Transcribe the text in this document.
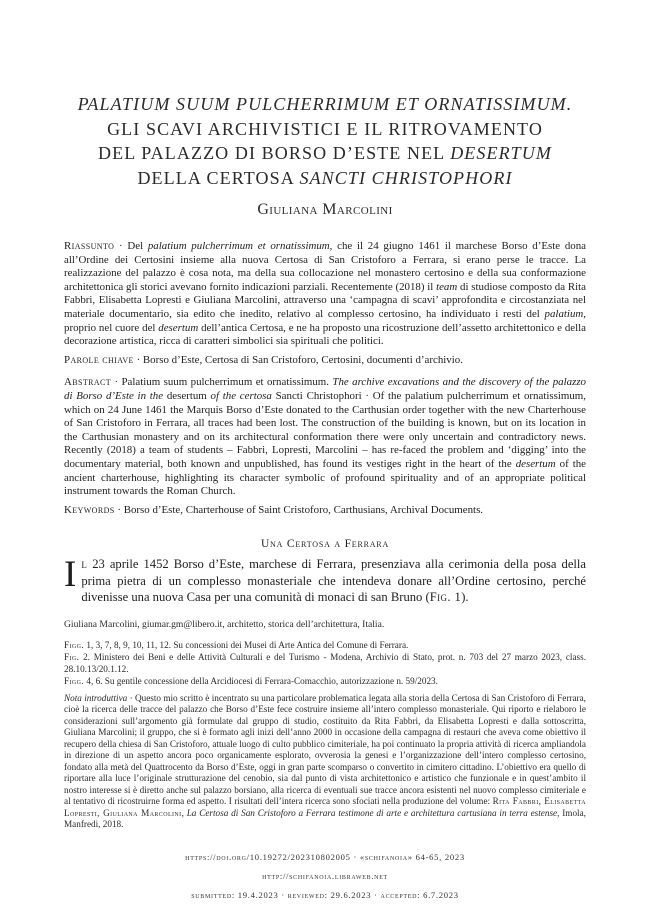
PALATIUM SUUM PULCHERRIMUM ET ORNATISSIMUM.
GLI SCAVI ARCHIVISTICI E IL RITROVAMENTO
DEL PALAZZO DI BORSO D’ESTE NEL DESERTUM
DELLA CERTOSA SANCTI CHRISTOPHORI
Giuliana Marcolini

Riassunto · Del palatium pulcherrimum et ornatissimum, che il 24 giugno 1461 il marchese Borso d’Este dona all’Ordine dei Certosini insieme alla nuova Certosa di San Cristoforo a Ferrara, si erano perse le tracce. La realizzazione del palazzo è cosa nota, ma della sua collocazione nel monastero certosino e della sua conformazione architettonica gli storici avevano fornito indicazioni parziali. Recentemente (2018) il team di studiose composto da Rita Fabbri, Elisabetta Lopresti e Giuliana Marcolini, attraverso una ‘campagna di scavi’ approfondita e circostanziata nel materiale documentario, sia edito che inedito, relativo al complesso certosino, ha individuato i resti del palatium, proprio nel cuore del desertum dell’antica Certosa, e ne ha proposto una ricostruzione dell’assetto architettonico e della decorazione artistica, ricca di caratteri simbolici sia spirituali che politici.

Parole chiave · Borso d’Este, Certosa di San Cristoforo, Certosini, documenti d’archivio.

Abstract · Palatium suum pulcherrimum et ornatissimum. The archive excavations and the discovery of the palazzo di Borso d’Este in the desertum of the certosa Sancti Christophori · Of the palatium pulcherrimum et ornatissimum, which on 24 June 1461 the Marquis Borso d’Este donated to the Carthusian order together with the new Charterhouse of San Cristoforo in Ferrara, all traces had been lost. The construction of the building is known, but on its location in the Carthusian monastery and on its architectural conformation there were only uncertain and contradictory news. Recently (2018) a team of students – Fabbri, Lopresti, Marcolini – has re-faced the problem and ‘digging’ into the documentary material, both known and unpublished, has found its vestiges right in the heart of the desertum of the ancient charterhouse, highlighting its character symbolic of profound spirituality and of an appropriate political instrument towards the Roman Church.

Keywords · Borso d’Este, Charterhouse of Saint Cristoforo, Carthusians, Archival Documents.

Una Certosa a Ferrara
Il 23 aprile 1452 Borso d’Este, marchese di Ferrara, presenziava alla cerimonia della posa della prima pietra di un complesso monasteriale che intendeva donare all’Ordine certosino, perché divenisse una nuova Casa per una comunità di monaci di san Bruno (Fig. 1).

Giuliana Marcolini, giumar.gm@libero.it, architetto, storica dell’architettura, Italia.

Figg. 1, 3, 7, 8, 9, 10, 11, 12. Su concessioni dei Musei di Arte Antica del Comune di Ferrara.

Fig. 2. Ministero dei Beni e delle Attività Culturali e del Turismo - Modena, Archivio di Stato, prot. n. 703 del 27 marzo 2023, class. 28.10.13/20.1.12.

Figg. 4, 6. Su gentile concessione della Arcidiocesi di Ferrara-Comacchio, autorizzazione n. 59/2023.

Nota introduttiva · Questo mio scritto è incentrato su una particolare problematica legata alla storia della Certosa di San Cristoforo di Ferrara, cioè la ricerca delle tracce del palazzo che Borso d’Este fece costruire insieme all’intero complesso monasteriale. Qui riporto e rielaboro le considerazioni sull’argomento già formulate dal gruppo di studio, costituito da Rita Fabbri, da Elisabetta Lopresti e dalla sottoscritta, Giuliana Marcolini; il gruppo, che si è formato agli inizi dell’anno 2000 in occasione della campagna di restauri che aveva come obiettivo il recupero della chiesa di San Cristoforo, attuale luogo di culto pubblico cimiteriale, ha poi continuato la propria attività di ricerca ampliandola in direzione di un aspetto ancora poco organicamente esplorato, ovverosia la genesi e l’organizzazione dell’intero complesso certosino, fondato alla metà del Quattrocento da Borso d’Este, oggi in gran parte scomparso o convertito in cimitero cittadino. L’obiettivo era quello di riportare alla luce l’originale strutturazione del cenobio, sia dal punto di vista architettonico e artistico che funzionale e in quest’ambito il nostro interesse si è diretto anche sul palazzo borsiano, alla ricerca di eventuali sue tracce ancora esistenti nel nuovo complesso cimiteriale e al tentativo di ricostruirne forma ed aspetto. I risultati dell’intera ricerca sono sfociati nella produzione del volume: Rita Fabbri, Elisabetta Lopresti, Giuliana Marcolini, La Certosa di San Cristoforo a Ferrara testimone di arte e architettura cartusiana in terra estense, Imola, Manfredi, 2018.

https://doi.org/10.19272/202310802005 · «schifanoia» 64-65, 2023
http://schifanoia.libraweb.net
submitted: 19.4.2023 · reviewed: 29.6.2023 · accepted: 6.7.2023
